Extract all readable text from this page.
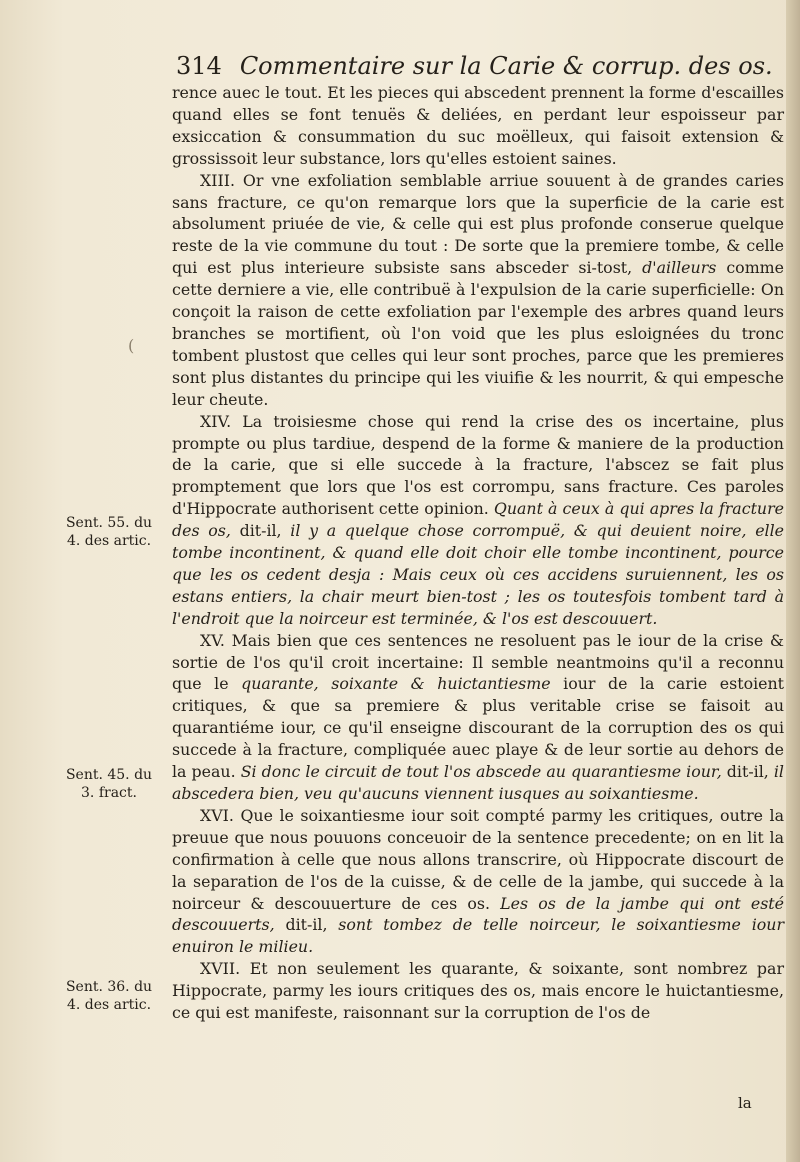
314 Commentaire sur la Carie & corrup. des os.
(
Sent. 55. du
4. des artic.
Sent. 45. du
3. fract.
Sent. 36. du
4. des artic.

rence auec le tout. Et les pieces qui abscedent prennent la forme d'escailles quand elles se font tenuës & deliées, en perdant leur espoisseur par exsiccation & consummation du suc moëlleux, qui faisoit extension & grossissoit leur substance, lors qu'elles estoient saines.

XIII. Or vne exfoliation semblable arriue souuent à de grandes caries sans fracture, ce qu'on remarque lors que la superficie de la carie est absolument priuée de vie, & celle qui est plus profonde conserue quelque reste de la vie commune du tout : De sorte que la premiere tombe, & celle qui est plus interieure subsiste sans absceder si-tost, d'ailleurs comme cette derniere a vie, elle contribuë à l'expulsion de la carie superficielle: On conçoit la raison de cette exfoliation par l'exemple des arbres quand leurs branches se mortifient, où l'on void que les plus esloignées du tronc tombent plustost que celles qui leur sont proches, parce que les premieres sont plus distantes du principe qui les viuifie & les nourrit, & qui empesche leur cheute.

XIV. La troisiesme chose qui rend la crise des os incertaine, plus prompte ou plus tardiue, despend de la forme & maniere de la production de la carie, que si elle succede à la fracture, l'abscez se fait plus promptement que lors que l'os est corrompu, sans fracture. Ces paroles d'Hippocrate authorisent cette opinion. Quant à ceux à qui apres la fracture des os, dit-il, il y a quelque chose corrompuë, & qui deuient noire, elle tombe incontinent, & quand elle doit choir elle tombe incontinent, pource que les os cedent desja : Mais ceux où ces accidens suruiennent, les os estans entiers, la chair meurt bien-tost ; les os toutesfois tombent tard à l'endroit que la noirceur est terminée, & l'os est descouuert.

XV. Mais bien que ces sentences ne resoluent pas le iour de la crise & sortie de l'os qu'il croit incertaine: Il semble neantmoins qu'il a reconnu que le quarante, soixante & huictantiesme iour de la carie estoient critiques, & que sa premiere & plus veritable crise se faisoit au quarantiéme iour, ce qu'il enseigne discourant de la corruption des os qui succede à la fracture, compliquée auec playe & de leur sortie au dehors de la peau. Si donc le circuit de tout l'os abscede au quarantiesme iour, dit-il, il abscedera bien, veu qu'aucuns viennent iusques au soixantiesme.

XVI. Que le soixantiesme iour soit compté parmy les critiques, outre la preuue que nous pouuons conceuoir de la sentence precedente; on en lit la confirmation à celle que nous allons transcrire, où Hippocrate discourt de la separation de l'os de la cuisse, & de celle de la jambe, qui succede à la noirceur & descouuerture de ces os. Les os de la jambe qui ont esté descouuerts, dit-il, sont tombez de telle noirceur, le soixantiesme iour enuiron le milieu.

XVII. Et non seulement les quarante, & soixante, sont nombrez par Hippocrate, parmy les iours critiques des os, mais encore le huictantiesme, ce qui est manifeste, raisonnant sur la corruption de l'os de

la
